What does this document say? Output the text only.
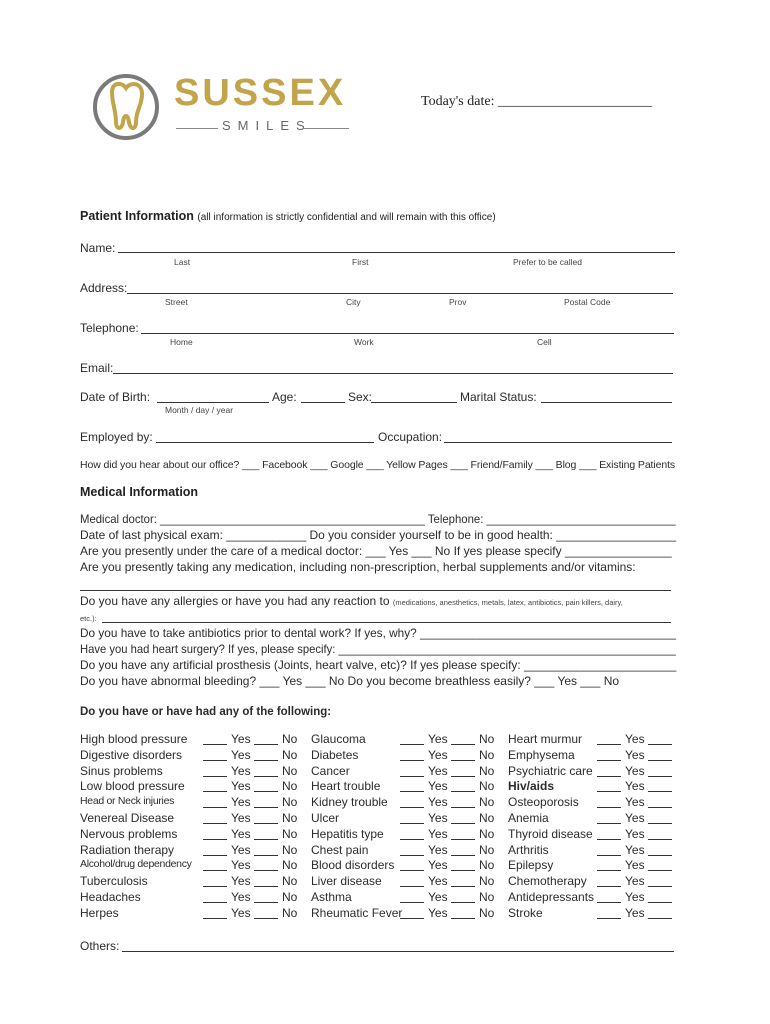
SUSSEX
SMILES
Today's date: ______________________
Patient Information (all information is strictly confidential and will remain with this office)
Name:
Last	First	Prefer to be called
Address:
Street	City	Prov	Postal Code
Telephone:
Home	Work	Cell
Email:
Date of Birth:
Month / day / year
Age:	Sex:	Marital Status:
Employed by:	Occupation:
How did you hear about our office? ___ Facebook ___ Google ___ Yellow Pages ___ Friend/Family ___ Blog ___ Existing Patients
Medical Information
Medical doctor: __________________________________________ Telephone: ______________________________
Date of last physical exam: ____________ Do you consider yourself to be in good health: __________________
Are you presently under the care of a medical doctor: ___ Yes ___ No If yes please specify ________________
Are you presently taking any medication, including non-prescription, herbal supplements and/or vitamins:
Do you have any allergies or have you had any reaction to (medications, anesthetics, metals, latex, antibiotics, pain killers, dairy,
etc.):
Do you have to take antibiotics prior to dental work? If yes, why? _______________________________________
Have you had heart surgery? If yes, please specify: ______________________________________________________
Do you have any artificial prosthesis (Joints, heart valve, etc)? If yes please specify: _______________________
Do you have abnormal bleeding? ___ Yes ___ No Do you become breathless easily? ___ Yes ___ No
Do you have or have had any of the following:
High blood pressure	Yes	No
Digestive disorders	Yes	No
Sinus problems	Yes	No
Low blood pressure	Yes	No
Head or Neck injuries	Yes	No
Venereal Disease	Yes	No
Nervous problems	Yes	No
Radiation therapy	Yes	No
Alcohol/drug dependency	Yes	No
Tuberculosis	Yes	No
Headaches	Yes	No
Herpes	Yes	No
Glaucoma	Yes	No
Diabetes	Yes	No
Cancer	Yes	No
Heart trouble	Yes	No
Kidney trouble	Yes	No
Ulcer	Yes	No
Hepatitis type	Yes	No
Chest pain	Yes	No
Blood disorders	Yes	No
Liver disease	Yes	No
Asthma	Yes	No
Rheumatic Fever Yes	No
Heart murmur	Yes
Emphysema	Yes
Psychiatric care	Yes
Hiv/aids	Yes
Osteoporosis	Yes
Anemia	Yes
Thyroid disease	Yes
Arthritis	Yes
Epilepsy	Yes
Chemotherapy	Yes
Antidepressants	Yes
Stroke	Yes
Others:
